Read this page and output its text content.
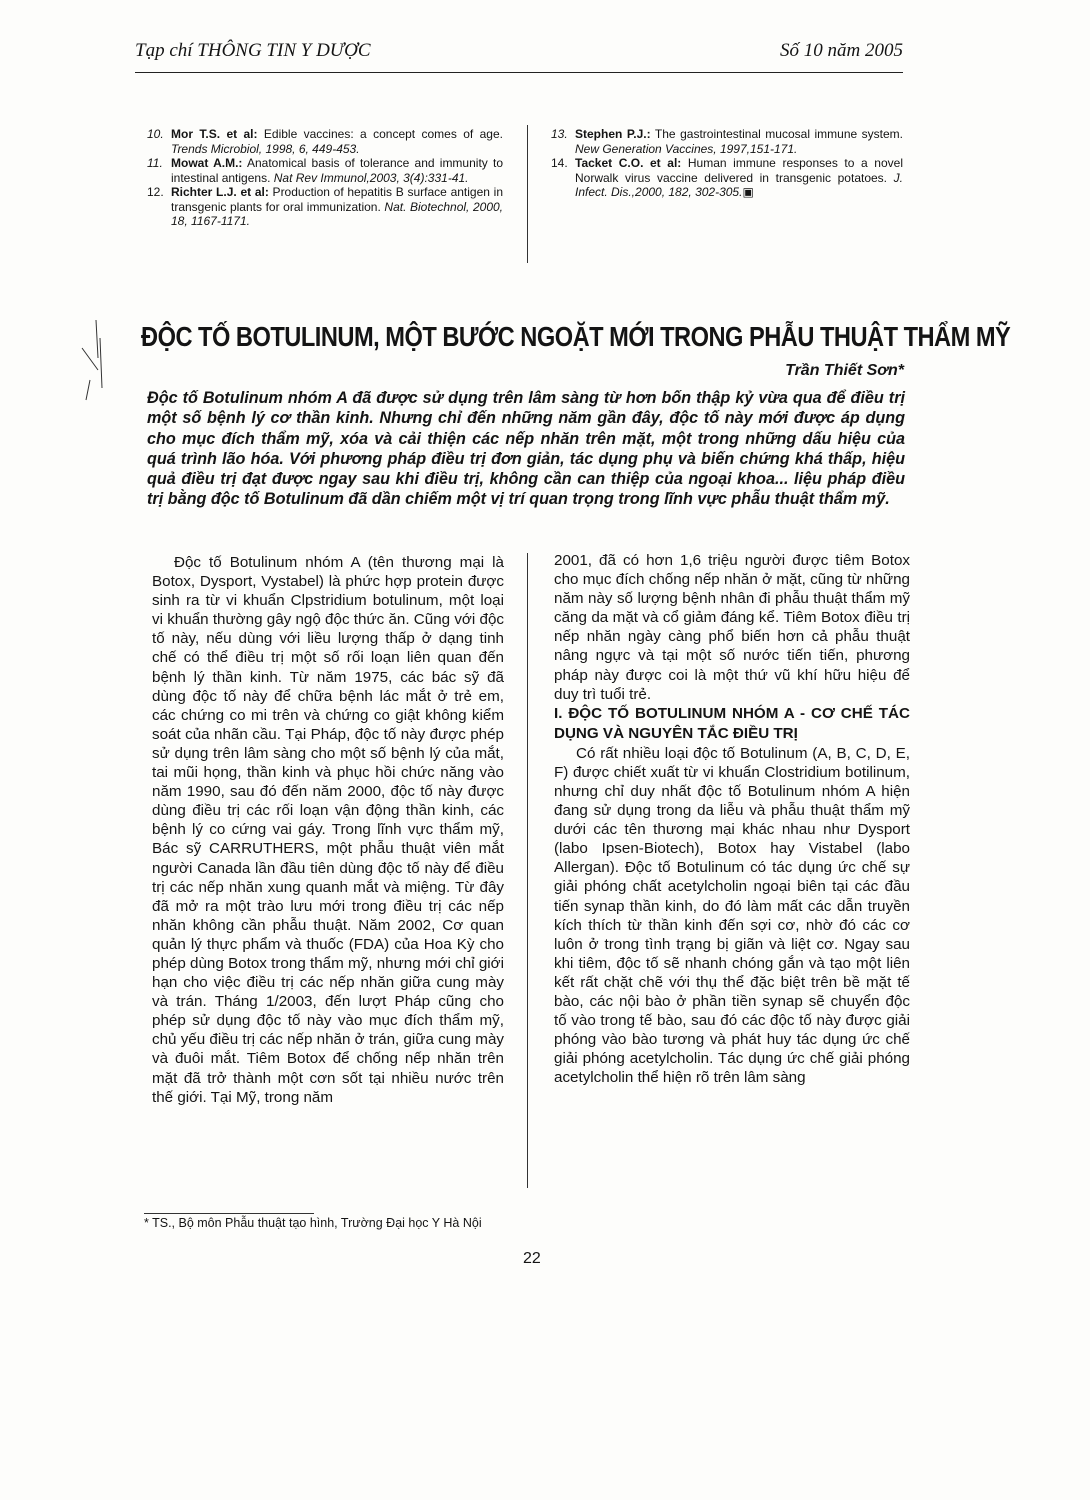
Tạp chí THÔNG TIN Y DƯỢC	Số 10 năm 2005
10. Mor T.S. et al: Edible vaccines: a concept comes of age. Trends Microbiol, 1998, 6, 449-453.
11. Mowat A.M.: Anatomical basis of tolerance and immunity to intestinal antigens. Nat Rev Immunol,2003, 3(4):331-41.
12. Richter L.J. et al: Production of hepatitis B surface antigen in transgenic plants for oral immunization. Nat. Biotechnol, 2000, 18, 1167-1171.
13. Stephen P.J.: The gastrointestinal mucosal immune system. New Generation Vaccines, 1997,151-171.
14. Tacket C.O. et al: Human immune responses to a novel Norwalk virus vaccine delivered in transgenic potatoes. J. Infect. Dis.,2000, 182, 302-305.▣
ĐỘC TỐ BOTULINUM, MỘT BƯỚC NGOẶT MỚI TRONG PHẪU THUẬT THẨM MỸ
Trần Thiết Sơn*
Độc tố Botulinum nhóm A đã được sử dụng trên lâm sàng từ hơn bốn thập kỷ vừa qua để điều trị một số bệnh lý cơ thần kinh. Nhưng chỉ đến những năm gần đây, độc tố này mới được áp dụng cho mục đích thẩm mỹ, xóa và cải thiện các nếp nhăn trên mặt, một trong những dấu hiệu của quá trình lão hóa. Với phương pháp điều trị đơn giản, tác dụng phụ và biến chứng khá thấp, hiệu quả điều trị đạt được ngay sau khi điều trị, không cần can thiệp của ngoại khoa... liệu pháp điều trị bằng độc tố Botulinum đã dần chiếm một vị trí quan trọng trong lĩnh vực phẫu thuật thẩm mỹ.

Độc tố Botulinum nhóm A (tên thương mại là Botox, Dysport, Vystabel) là phức hợp protein được sinh ra từ vi khuẩn Clpstridium botulinum, một loại vi khuẩn thường gây ngộ độc thức ăn. Cũng với độc tố này, nếu dùng với liều lượng thấp ở dạng tinh chế có thể điều trị một số rối loạn liên quan đến bệnh lý thần kinh. Từ năm 1975, các bác sỹ đã dùng độc tố này để chữa bệnh lác mắt ở trẻ em, các chứng co mi trên và chứng co giật không kiểm soát của nhãn cầu. Tại Pháp, độc tố này được phép sử dụng trên lâm sàng cho một số bệnh lý của mắt, tai mũi họng, thần kinh và phục hồi chức năng vào năm 1990, sau đó đến năm 2000, độc tố này được dùng điều trị các rối loạn vận động thần kinh, các bệnh lý co cứng vai gáy. Trong lĩnh vực thẩm mỹ, Bác sỹ CARRUTHERS, một phẫu thuật viên mắt người Canada lần đầu tiên dùng độc tố này để điều trị các nếp nhăn xung quanh mắt và miệng. Từ đây đã mở ra một trào lưu mới trong điều trị các nếp nhăn không cần phẫu thuật. Năm 2002, Cơ quan quản lý thực phẩm và thuốc (FDA) của Hoa Kỳ cho phép dùng Botox trong thẩm mỹ, nhưng mới chỉ giới hạn cho việc điều trị các nếp nhăn giữa cung mày và trán. Tháng 1/2003, đến lượt Pháp cũng cho phép sử dụng độc tố này vào mục đích thẩm mỹ, chủ yếu điều trị các nếp nhăn ở trán, giữa cung mày và đuôi mắt. Tiêm Botox để chống nếp nhăn trên mặt đã trở thành một cơn sốt tại nhiều nước trên thế giới. Tại Mỹ, trong năm

2001, đã có hơn 1,6 triệu người được tiêm Botox cho mục đích chống nếp nhăn ở mặt, cũng từ những năm này số lượng bệnh nhân đi phẫu thuật thẩm mỹ căng da mặt và cổ giảm đáng kể. Tiêm Botox điều trị nếp nhăn ngày càng phổ biến hơn cả phẫu thuật nâng ngực và tại một số nước tiến tiến, phương pháp này được coi là một thứ vũ khí hữu hiệu để duy trì tuổi trẻ.

I. ĐỘC TỐ BOTULINUM NHÓM A - CƠ CHẾ TÁC DỤNG VÀ NGUYÊN TẮC ĐIỀU TRỊ

Có rất nhiều loại độc tố Botulinum (A, B, C, D, E, F) được chiết xuất từ vi khuẩn Clostridium botilinum, nhưng chỉ duy nhất độc tố Botulinum nhóm A hiện đang sử dụng trong da liễu và phẫu thuật thẩm mỹ dưới các tên thương mại khác nhau như Dysport (labo Ipsen-Biotech), Botox hay Vistabel (labo Allergan). Độc tố Botulinum có tác dụng ức chế sự giải phóng chất acetylcholin ngoại biên tại các đầu tiến synap thần kinh, do đó làm mất các dẫn truyền kích thích từ thần kinh đến sợi cơ, nhờ đó các cơ luôn ở trong tình trạng bị giãn và liệt cơ. Ngay sau khi tiêm, độc tố sẽ nhanh chóng gắn và tạo một liên kết rất chặt chẽ với thụ thể đặc biệt trên bề mặt tế bào, các nội bào ở phần tiền synap sẽ chuyển độc tố vào trong tế bào, sau đó các độc tố này được giải phóng vào bào tương và phát huy tác dụng ức chế giải phóng acetylcholin. Tác dụng ức chế giải phóng acetylcholin thể hiện rõ trên lâm sàng

* TS., Bộ môn Phẫu thuật tạo hình, Trường Đại học Y Hà Nội
22
